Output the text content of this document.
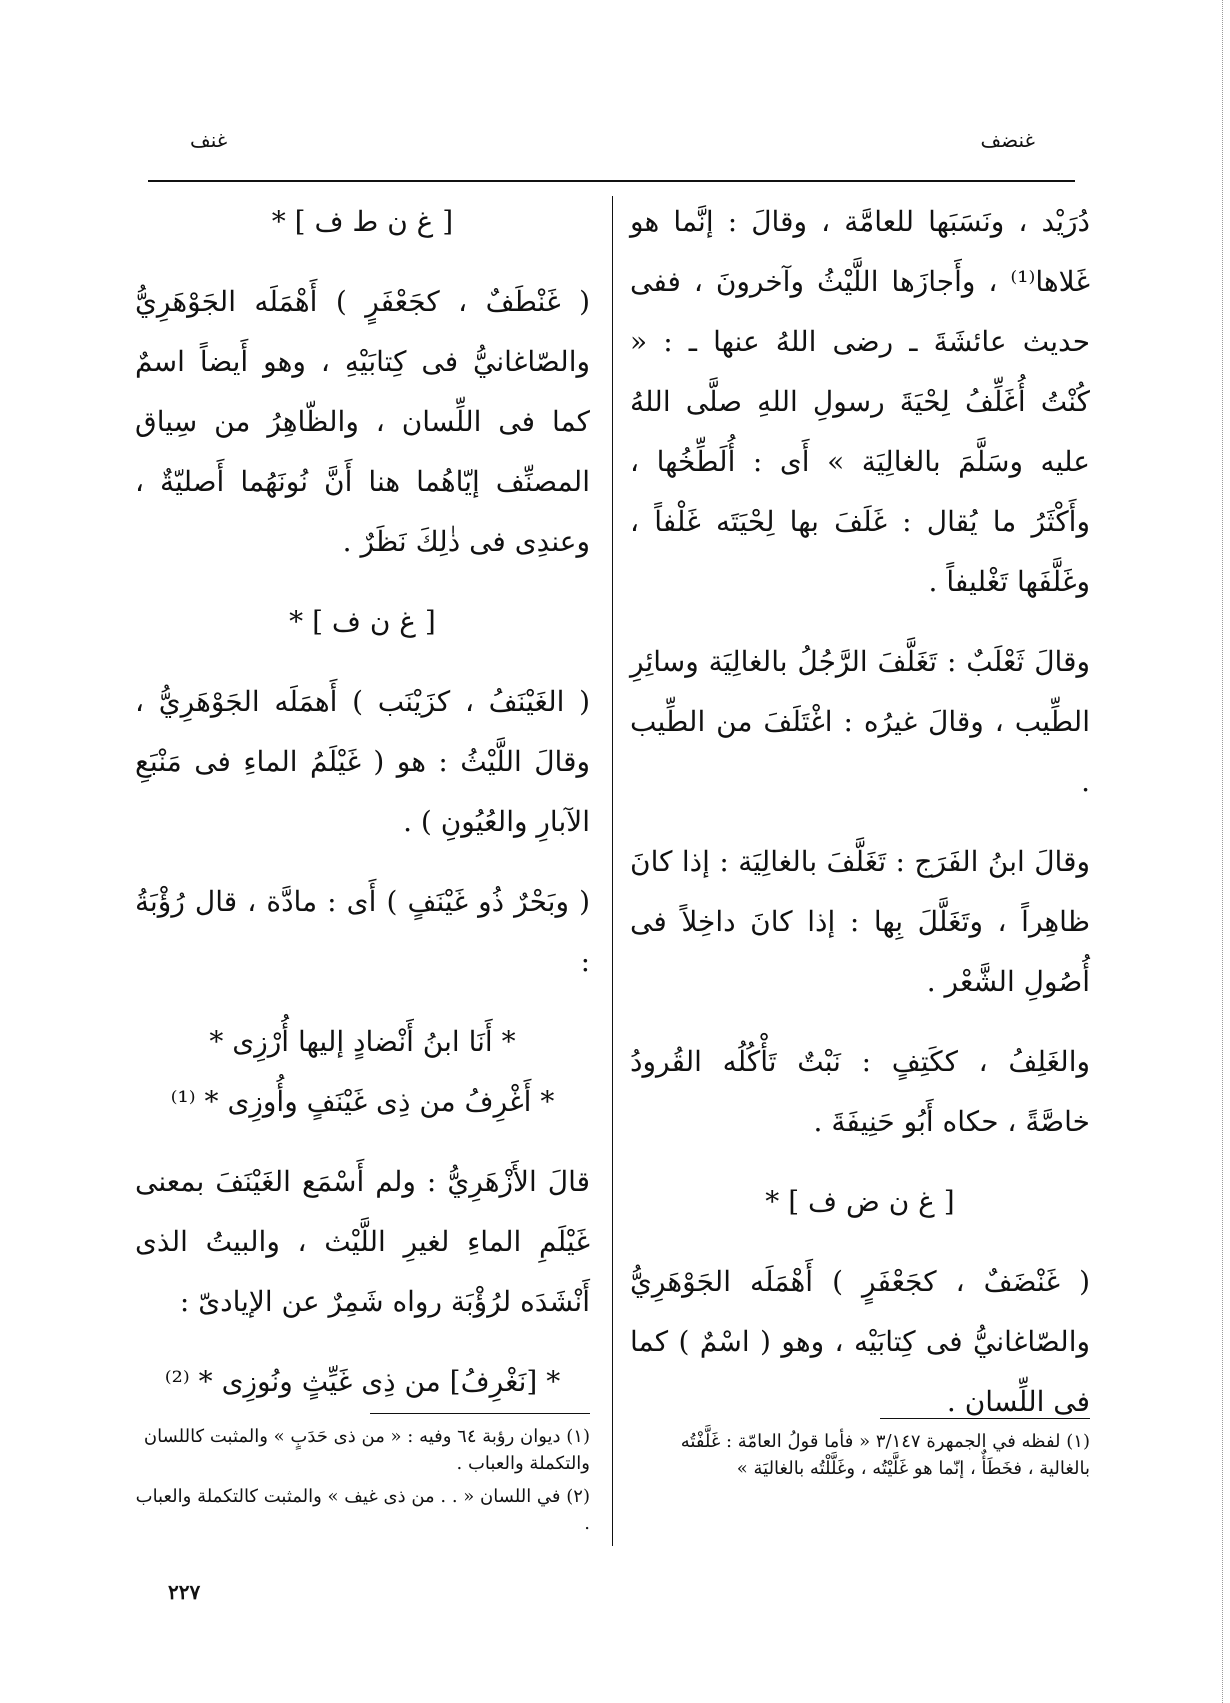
غنضف
غنف

دُرَيْد ، ونَسَبَها للعامَّة ، وقالَ : إنَّما هو غَلاها⁽¹⁾ ، وأَجازَها اللَّيْثُ وآخرونَ ، ففى حديث عائشَةَ ـ رضى اللهُ عنها ـ : « كُنْتُ أُغَلِّفُ لِحْيَةَ رسولِ اللهِ صلَّى اللهُ عليه وسَلَّمَ بالغالِيَة » أَى : أُلَطِّخُها ، وأَكْثَرُ ما يُقال : غَلَفَ بها لِحْيَتَه غَلْفاً ، وغَلَّفَها تَغْليفاً .

وقالَ ثَعْلَبٌ : تَغَلَّفَ الرَّجُلُ بالغالِيَة وسائِرِ الطِّيب ، وقالَ غيرُه : اغْتَلَفَ من الطِّيب .

وقالَ ابنُ الفَرَج : تَغَلَّفَ بالغالِيَة : إذا كانَ ظاهِراً ، وتَغَلَّلَ بِها : إذا كانَ داخِلاً فى أُصُولِ الشَّعْر .

والغَلِفُ ، ككَتِفٍ : نَبْتٌ تَأْكُلُه القُرودُ خاصَّةً ، حكاه أَبُو حَنِيفَةَ .

[ غ ن ض ف ] *

( غَنْضَفٌ ، كجَعْفَرٍ ) أَهْمَلَه الجَوْهَرِيُّ والصّاغانيُّ فى كِتابَيْه ، وهو ( اسْمٌ ) كما فى اللِّسان .

(١) لفظه في الجمهرة ٣/١٤٧ « فأما قولُ العامّة : غَلَّفْتُه بالغالية ، فخَطَأٌ ، إنّما هو غَلَّيْتُه ، وغَلَّلْتُه بالغاليَة »

[ غ ن ط ف ] *

( غَنْطَفٌ ، كجَعْفَرٍ ) أَهْمَلَه الجَوْهَرِيُّ والصّاغانيُّ فى كِتابَيْهِ ، وهو أَيضاً اسمٌ كما فى اللِّسان ، والظّاهِرُ من سِياق المصنِّف إيّاهُما هنا أَنَّ نُونَهُما أَصليّةٌ ، وعندِى فى ذٰلِكَ نَظَرٌ .

[ غ ن ف ] *

( الغَيْنَفُ ، كزَيْنَب ) أَهمَلَه الجَوْهَرِيُّ ، وقالَ اللَّيْثُ : هو ( غَيْلَمُ الماءِ فى مَنْبَعِ الآبارِ والعُيُونِ ) .

( وبَحْرٌ ذُو غَيْنَفٍ ) أَى : مادَّة ، قال رُؤْبَةُ :

* أَنَا ابنُ أَنْضادٍ إليها أُرْزِى *

* أَغْرِفُ من ذِى غَيْنَفٍ وأُوزِى * ⁽¹⁾

قالَ الأَزْهَرِيُّ : ولم أَسْمَع الغَيْنَفَ بمعنى غَيْلَمِ الماءِ لغيرِ اللَّيْث ، والبيتُ الذى أَنْشَدَه لرُؤْبَة رواه شَمِرٌ عن الإيادىّ :

* [نَغْرِفُ] من ذِى غَيِّثٍ ونُوزِى * ⁽²⁾

(١) ديوان رؤبة ٦٤ وفيه : « من ذى حَدَبٍ » والمثبت كاللسان والتكملة والعباب .

(٢) في اللسان « . . من ذى غيف » والمثبت كالتكملة والعباب .

٢٢٧
